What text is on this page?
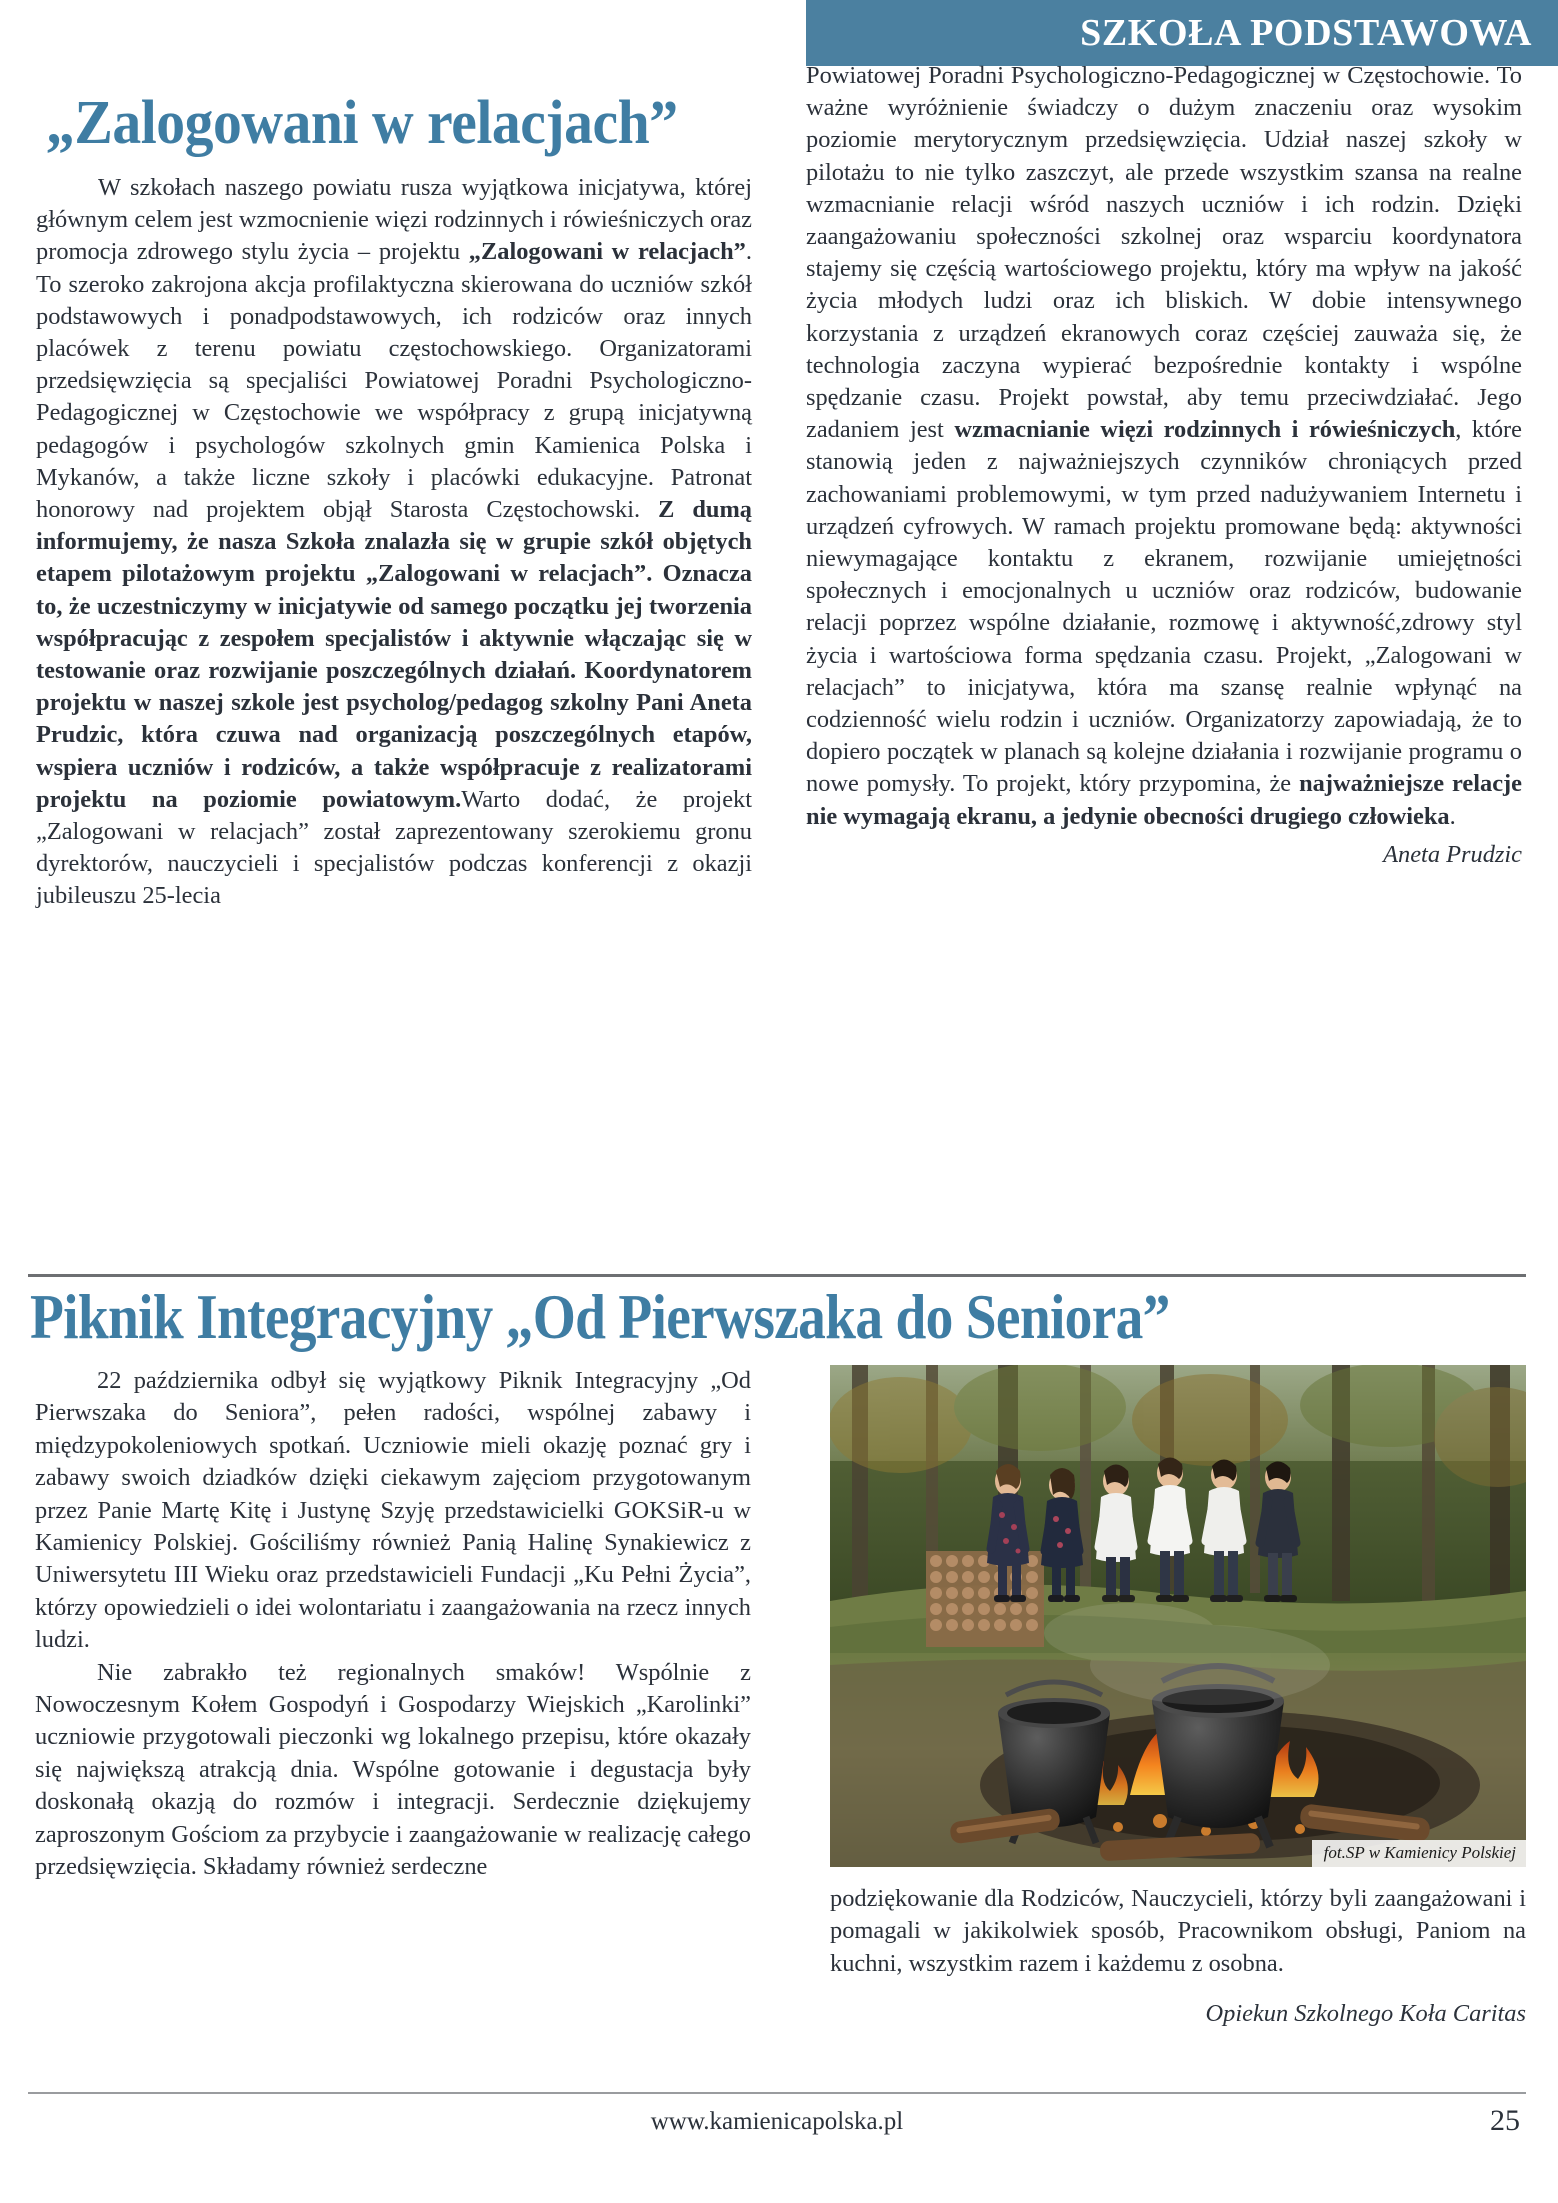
SZKOŁA PODSTAWOWA
„Zalogowani w relacjach”

W szkołach naszego powiatu rusza wyjątkowa inicjatywa, której głównym celem jest wzmocnienie więzi rodzinnych i rówieśniczych oraz promocja zdrowego stylu życia – projektu „Zalogowani w relacjach”. To szeroko zakrojona akcja profilaktyczna skierowana do uczniów szkół podstawowych i ponadpodstawowych, ich rodziców oraz innych placówek z terenu powiatu częstochowskiego. Organizatorami przedsięwzięcia są specjaliści Powiatowej Poradni Psychologiczno-Pedagogicznej w Częstochowie we współpracy z grupą inicjatywną pedagogów i psychologów szkolnych gmin Kamienica Polska i Mykanów, a także liczne szkoły i placówki edukacyjne. Patronat honorowy nad projektem objął Starosta Częstochowski. Z dumą informujemy, że nasza Szkoła znalazła się w grupie szkół objętych etapem pilotażowym projektu „Zalogowani w relacjach”. Oznacza to, że uczestniczymy w inicjatywie od samego początku jej tworzenia współpracując z zespołem specjalistów i aktywnie włączając się w testowanie oraz rozwijanie poszczególnych działań. Koordynatorem projektu w naszej szkole jest psycholog/pedagog szkolny Pani Aneta Prudzic, która czuwa nad organizacją poszczególnych etapów, wspiera uczniów i rodziców, a także współpracuje z realizatorami projektu na poziomie powiatowym.Warto dodać, że projekt „Zalogowani w relacjach” został zaprezentowany szerokiemu gronu dyrektorów, nauczycieli i specjalistów podczas konferencji z okazji jubileuszu 25-lecia

Powiatowej Poradni Psychologiczno-Pedagogicznej w Częstochowie. To ważne wyróżnienie świadczy o dużym znaczeniu oraz wysokim poziomie merytorycznym przedsięwzięcia. Udział naszej szkoły w pilotażu to nie tylko zaszczyt, ale przede wszystkim szansa na realne wzmacnianie relacji wśród naszych uczniów i ich rodzin. Dzięki zaangażowaniu społeczności szkolnej oraz wsparciu koordynatora stajemy się częścią wartościowego projektu, który ma wpływ na jakość życia młodych ludzi oraz ich bliskich. W dobie intensywnego korzystania z urządzeń ekranowych coraz częściej zauważa się, że technologia zaczyna wypierać bezpośrednie kontakty i wspólne spędzanie czasu. Projekt powstał, aby temu przeciwdziałać. Jego zadaniem jest wzmacnianie więzi rodzinnych i rówieśniczych, które stanowią jeden z najważniejszych czynników chroniących przed zachowaniami problemowymi, w tym przed nadużywaniem Internetu i urządzeń cyfrowych. W ramach projektu promowane będą: aktywności niewymagające kontaktu z ekranem, rozwijanie umiejętności społecznych i emocjonalnych u uczniów oraz rodziców, budowanie relacji poprzez wspólne działanie, rozmowę i aktywność,zdrowy styl życia i wartościowa forma spędzania czasu. Projekt, „Zalogowani w relacjach” to inicjatywa, która ma szansę realnie wpłynąć na codzienność wielu rodzin i uczniów. Organizatorzy zapowiadają, że to dopiero początek w planach są kolejne działania i rozwijanie programu o nowe pomysły. To projekt, który przypomina, że najważniejsze relacje nie wymagają ekranu, a jedynie obecności drugiego człowieka.

Aneta Prudzic
Piknik Integracyjny „Od Pierwszaka do Seniora”

22 października odbył się wyjątkowy Piknik Integracyjny „Od Pierwszaka do Seniora”, pełen radości, wspólnej zabawy i międzypokoleniowych spotkań. Uczniowie mieli okazję poznać gry i zabawy swoich dziadków dzięki ciekawym zajęciom przygotowanym przez Panie Martę Kitę i Justynę Szyję przedstawicielki GOKSiR-u w Kamienicy Polskiej. Gościliśmy również Panią Halinę Synakiewicz z Uniwersytetu III Wieku oraz przedstawicieli Fundacji „Ku Pełni Życia”, którzy opowiedzieli o idei wolontariatu i zaangażowania na rzecz innych ludzi.

Nie zabrakło też regionalnych smaków! Wspólnie z Nowoczesnym Kołem Gospodyń i Gospodarzy Wiejskich „Karolinki” uczniowie przygotowali pieczonki wg lokalnego przepisu, które okazały się największą atrakcją dnia. Wspólne gotowanie i degustacja były doskonałą okazją do rozmów i integracji. Serdecznie dziękujemy zaproszonym Gościom za przybycie i zaangażowanie w realizację całego przedsięwzięcia. Składamy również serdeczne

fot.SP w Kamienicy Polskiej

podziękowanie dla Rodziców, Nauczycieli, którzy byli zaangażowani i pomagali w jakikolwiek sposób, Pracownikom obsługi, Paniom na kuchni, wszystkim razem i każdemu z osobna.

Opiekun Szkolnego Koła Caritas
www.kamienicapolska.pl	25
